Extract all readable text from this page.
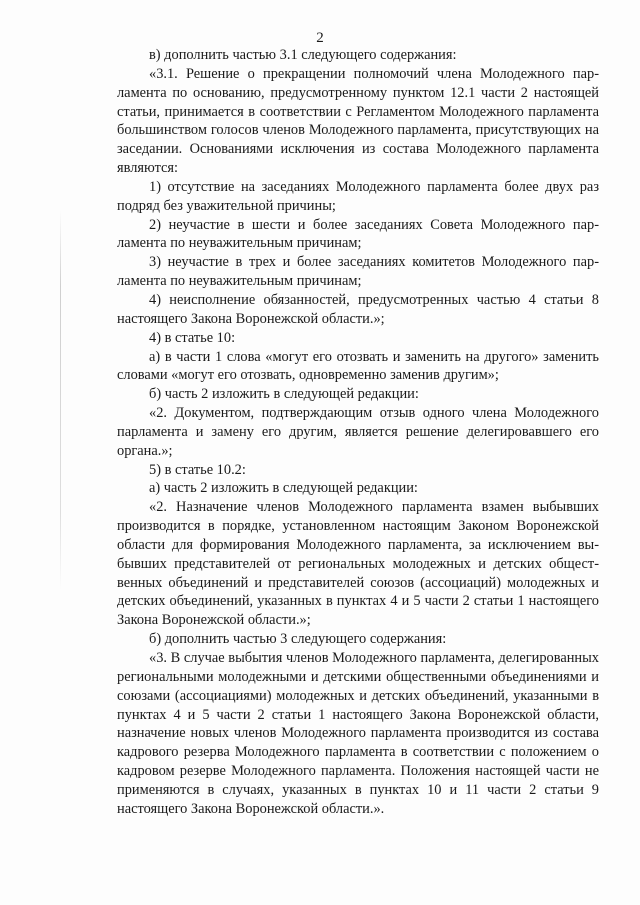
2

в) дополнить частью 3.1 следующего содержания:

«3.1. Решение о прекращении полномочий члена Молодежного парламента по основанию, предусмотренному пунктом 12.1 части 2 настоящей статьи, принимается в соответствии с Регламентом Молодежного парламента большинством голосов членов Молодежного парламента, присутствующих на заседании. Основаниями исключения из состава Молодежного парламента являются:

1) отсутствие на заседаниях Молодежного парламента более двух раз подряд без уважительной причины;

2) неучастие в шести и более заседаниях Совета Молодежного парламента по неуважительным причинам;

3) неучастие в трех и более заседаниях комитетов Молодежного парламента по неуважительным причинам;

4) неисполнение обязанностей, предусмотренных частью 4 статьи 8 настоящего Закона Воронежской области.»;

4) в статье 10:

а) в части 1 слова «могут его отозвать и заменить на другого» заменить словами «могут его отозвать, одновременно заменив другим»;

б) часть 2 изложить в следующей редакции:

«2. Документом, подтверждающим отзыв одного члена Молодежного парламента и замену его другим, является решение делегировавшего его органа.»;

5) в статье 10.2:

а) часть 2 изложить в следующей редакции:

«2. Назначение членов Молодежного парламента взамен выбывших производится в порядке, установленном настоящим Законом Воронежской области для формирования Молодежного парламента, за исключением выбывших представителей от региональных молодежных и детских общественных объединений и представителей союзов (ассоциаций) молодежных и детских объединений, указанных в пунктах 4 и 5 части 2 статьи 1 настоящего Закона Воронежской области.»;

б) дополнить частью 3 следующего содержания:

«3. В случае выбытия членов Молодежного парламента, делегированных региональными молодежными и детскими общественными объединениями и союзами (ассоциациями) молодежных и детских объединений, указанными в пунктах 4 и 5 части 2 статьи 1 настоящего Закона Воронежской области, назначение новых членов Молодежного парламента производится из состава кадрового резерва Молодежного парламента в соответствии с положением о кадровом резерве Молодежного парламента. Положения настоящей части не применяются в случаях, указанных в пунктах 10 и 11 части 2 статьи 9 настоящего Закона Воронежской области.».
